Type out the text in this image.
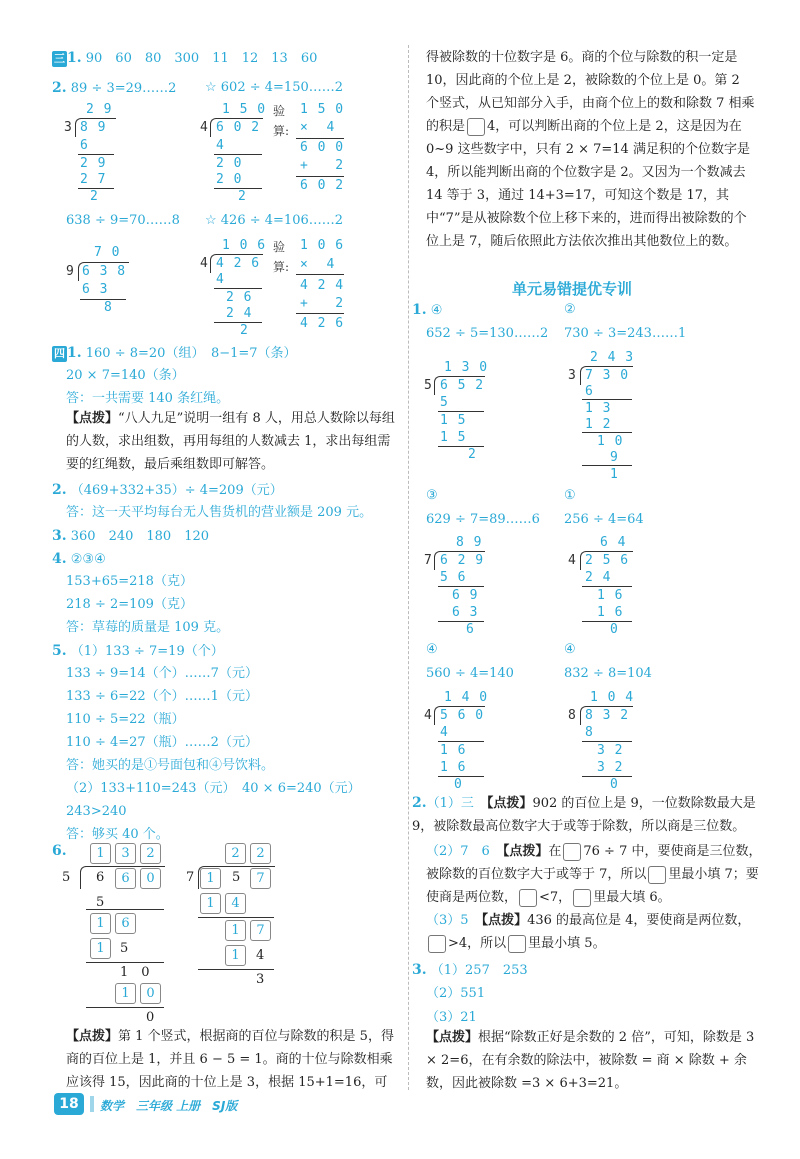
三 1. 90　60　80　300　11　12　13　60
2. 89 ÷ 3=29……2 ☆ 602 ÷ 4=150……2
2 9
3 8 9
6
2 9
2 7
2
1 5 0
4 6 0 2
4
2 0
2 0
2
验 1 5 0
算: ×  4
6 0 0
+   2
6 0 2
638 ÷ 9=70……8 ☆ 426 ÷ 4=106……2
7 0
9 6 3 8
6 3
8
1 0 6
4 4 2 6
4
2 6
2 4
2
验 1 0 6
算: ×  4
4 2 4
+   2
4 2 6
四 1. 160 ÷ 8=20（组）　8−1=7（条）
20 × 7=140（条）
答：一共需要 140 条红绳。
【点拨】“八人九足”说明一组有 8 人，用总人数除以每组的人数，求出组数，再用每组的人数减去 1，求出每组需要的红绳数，最后乘组数即可解答。
2. （469+332+35）÷ 4=209（元）
答：这一天平均每台无人售货机的营业额是 209 元。
3. 360　240　180　120
4. ②③④
153+65=218（克）
218 ÷ 2=109（克）
答：草莓的质量是 109 克。
5. （1）133 ÷ 7=19（个）
133 ÷ 9=14（个）……7（元）
133 ÷ 6=22（个）……1（元）
110 ÷ 5=22（瓶）
110 ÷ 4=27（瓶）……2（元）
答：她买的是①号面包和④号饮料。
（2）133+110=243（元）　40 × 6=240（元）
243>240
答：够买 40 个。
6.	1	3	2
5 6	6	0
5
1	6
1	5
1　0
1	0
0
2	2
7 1	5	7
1	4
1	7
1	4
3
【点拨】第 1 个竖式，根据商的百位与除数的积是 5，得商的百位上是 1，并且 6 − 5 = 1。商的十位与除数相乘应该得 15，因此商的十位上是 3，根据 15+1=16，可
得被除数的十位数字是 6。商的个位与除数的积一定是 10，因此商的个位上是 2，被除数的个位上是 0。第 2 个竖式，从已知部分入手，由商个位上的数和除数 7 相乘的积是 4，可以判断出商的个位上是 2，这是因为在 0~9 这些数字中，只有 2 × 7=14 满足积的个位数字是 4，所以能判断出商的个位数字是 2。又因为一个数减去 14 等于 3，通过 14+3=17，可知这个数是 17，其中“7”是从被除数个位上移下来的，进而得出被除数的个位上是 7，随后依照此方法依次推出其他数位上的数。
单元易错提优专训
1. ④	②
652 ÷ 5=130……2 730 ÷ 3=243……1
1 3 0
5 6 5 2
5
1 5
1 5
2
2 4 3
3 7 3 0
6
1 3
1 2
1 0
9
1
③	①
629 ÷ 7=89……6 256 ÷ 4=64
8 9
7 6 2 9
5 6
6 9
6 3
6
6 4
4 2 5 6
2 4
1 6
1 6
0
④	④
560 ÷ 4=140	832 ÷ 8=104
1 4 0
4 5 6 0
4
1 6
1 6
0
1 0 4
8 8 3 2
8
3 2
3 2
0
2.（1）三　 【点拨】902 的百位上是 9，一位数除数最大是 9，被除数最高位数字大于或等于除数，所以商是三位数。
（2）7　6　 【点拨】在 76 ÷ 7 中，要使商是三位数，被除数的百位数字大于或等于 7，所以 里最小填 7；要使商是两位数， <7， 里最大填 6。
（3）5　 【点拨】436 的最高位是 4，要使商是两位数，>4，所以 里最小填 5。
3. （1）257　253
（2）551
（3）21
【点拨】根据“除数正好是余数的 2 倍”，可知，除数是 3 × 2=6，在有余数的除法中，被除数 = 商 × 除数 + 余数，因此被除数 =3 × 6+3=21。
18	数学　三年级 上册　SJ版
